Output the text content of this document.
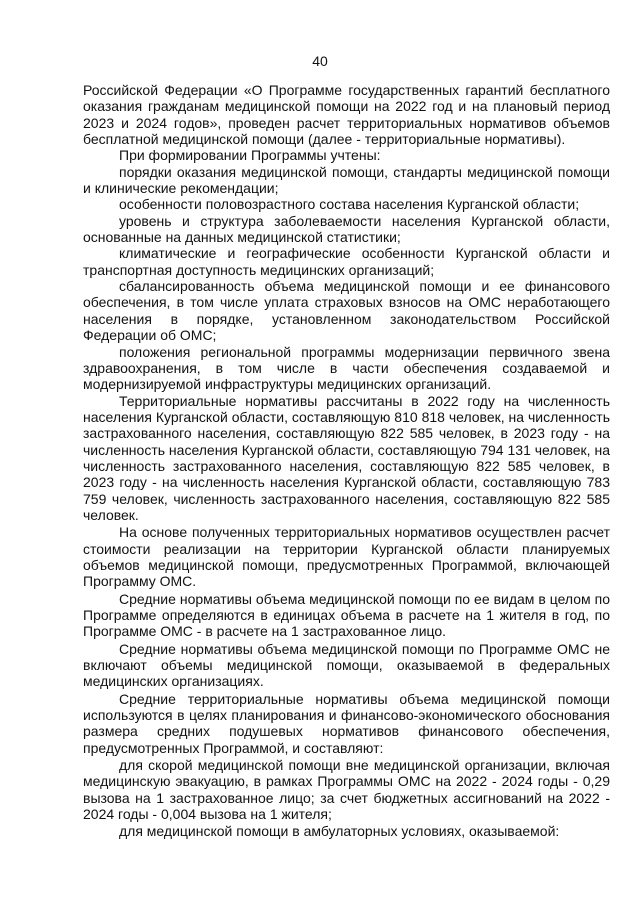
40

Российской Федерации «О Программе государственных гарантий бесплатного оказания гражданам медицинской помощи на 2022 год и на плановый период 2023 и 2024 годов», проведен расчет территориальных нормативов объемов бесплатной медицинской помощи (далее - территориальные нормативы).

При формировании Программы учтены:

порядки оказания медицинской помощи, стандарты медицинской помощи и клинические рекомендации;

особенности половозрастного состава населения Курганской области;

уровень и структура заболеваемости населения Курганской области, основанные на данных медицинской статистики;

климатические и географические особенности Курганской области и транспортная доступность медицинских организаций;

сбалансированность объема медицинской помощи и ее финансового обеспечения, в том числе уплата страховых взносов на ОМС неработающего населения в порядке, установленном законодательством Российской Федерации об ОМС;

положения региональной программы модернизации первичного звена здравоохранения, в том числе в части обеспечения создаваемой и модернизируемой инфраструктуры медицинских организаций.

Территориальные нормативы рассчитаны в 2022 году на численность населения Курганской области, составляющую 810 818 человек, на численность застрахованного населения, составляющую 822 585 человек, в 2023 году - на численность населения Курганской области, составляющую 794 131 человек, на численность застрахованного населения, составляющую 822 585 человек, в 2023 году - на численность населения Курганской области, составляющую 783 759 человек, численность застрахованного населения, составляющую 822 585 человек.

На основе полученных территориальных нормативов осуществлен расчет стоимости реализации на территории Курганской области планируемых объемов медицинской помощи, предусмотренных Программой, включающей Программу ОМС.

Средние нормативы объема медицинской помощи по ее видам в целом по Программе определяются в единицах объема в расчете на 1 жителя в год, по Программе ОМС - в расчете на 1 застрахованное лицо.

Средние нормативы объема медицинской помощи по Программе ОМС не включают объемы медицинской помощи, оказываемой в федеральных медицинских организациях.

Средние территориальные нормативы объема медицинской помощи используются в целях планирования и финансово-экономического обоснования размера средних подушевых нормативов финансового обеспечения, предусмотренных Программой, и составляют:

для скорой медицинской помощи вне медицинской организации, включая медицинскую эвакуацию, в рамках Программы ОМС на 2022 - 2024 годы - 0,29 вызова на 1 застрахованное лицо; за счет бюджетных ассигнований на 2022 - 2024 годы - 0,004 вызова на 1 жителя;

для медицинской помощи в амбулаторных условиях, оказываемой:
